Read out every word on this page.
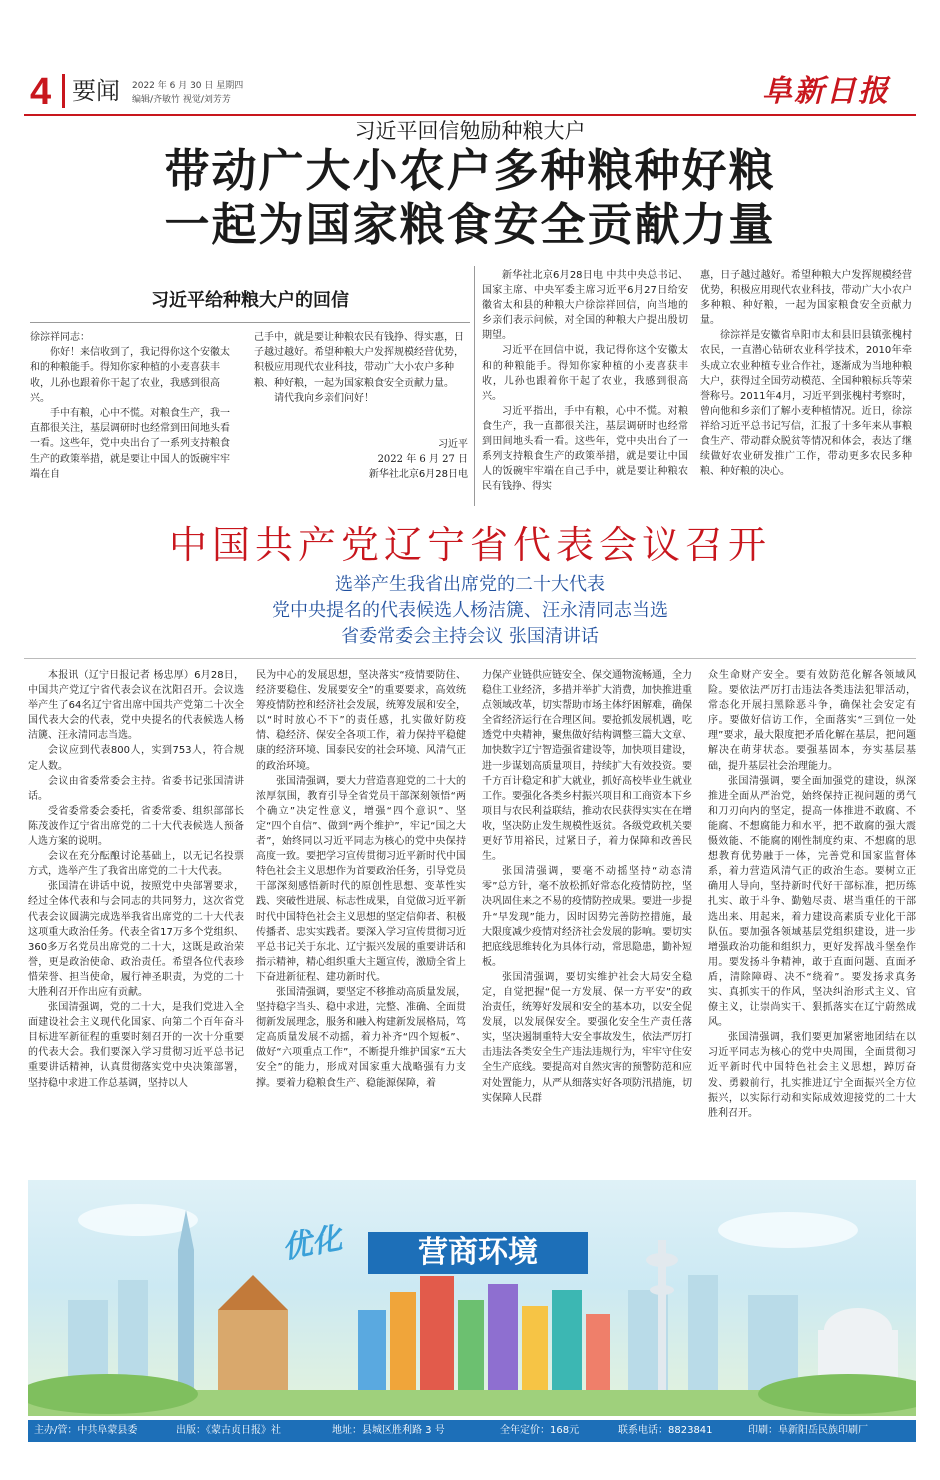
4 要闻 2022 年 6 月 30 日 星期四
编辑/齐敏竹 视觉/刘芳芳	阜新日报
习近平回信勉励种粮大户
带动广大小农户多种粮种好粮
一起为国家粮食安全贡献力量
习近平给种粮大户的回信

徐淙祥同志：

你好！来信收到了，我记得你这个安徽太和的种粮能手。得知你家种植的小麦喜获丰收，儿孙也跟着你干起了农业，我感到很高兴。

手中有粮，心中不慌。对粮食生产，我一直都很关注，基层调研时也经常到田间地头看一看。这些年，党中央出台了一系列支持粮食生产的政策举措，就是要让中国人的饭碗牢牢端在自

己手中，就是要让种粮农民有钱挣、得实惠，日子越过越好。希望种粮大户发挥规模经营优势，积极应用现代农业科技，带动广大小农户多种粮、种好粮，一起为国家粮食安全贡献力量。

请代我向乡亲们问好！

习近平
2022 年 6 月 27 日
新华社北京6月28日电

新华社北京6月28日电 中共中央总书记、国家主席、中央军委主席习近平6月27日给安徽省太和县的种粮大户徐淙祥回信，向当地的乡亲们表示问候，对全国的种粮大户提出殷切期望。

习近平在回信中说，我记得你这个安徽太和的种粮能手。得知你家种植的小麦喜获丰收，儿孙也跟着你干起了农业，我感到很高兴。

习近平指出，手中有粮，心中不慌。对粮食生产，我一直都很关注，基层调研时也经常到田间地头看一看。这些年，党中央出台了一系列支持粮食生产的政策举措，就是要让中国人的饭碗牢牢端在自己手中，就是要让种粮农民有钱挣、得实

惠，日子越过越好。希望种粮大户发挥规模经营优势，积极应用现代农业科技，带动广大小农户多种粮、种好粮，一起为国家粮食安全贡献力量。

徐淙祥是安徽省阜阳市太和县旧县镇张槐村农民，一直潜心钻研农业科学技术，2010年牵头成立农业种植专业合作社，逐渐成为当地种粮大户，获得过全国劳动模范、全国种粮标兵等荣誉称号。2011年4月，习近平到张槐村考察时，曾向他和乡亲们了解小麦种植情况。近日，徐淙祥给习近平总书记写信，汇报了十多年来从事粮食生产、带动群众脱贫等情况和体会，表达了继续做好农业研发推广工作，带动更多农民多种粮、种好粮的决心。

中国共产党辽宁省代表会议召开
选举产生我省出席党的二十大代表
党中央提名的代表候选人杨洁篪、汪永清同志当选
省委常委会主持会议 张国清讲话

本报讯（辽宁日报记者 杨忠厚）6月28日，中国共产党辽宁省代表会议在沈阳召开。会议选举产生了64名辽宁省出席中国共产党第二十次全国代表大会的代表，党中央提名的代表候选人杨洁篪、汪永清同志当选。

会议应到代表800人，实到753人，符合规定人数。

会议由省委常委会主持。省委书记张国清讲话。

受省委常委会委托，省委常委、组织部部长陈茂波作辽宁省出席党的二十大代表候选人预备人选方案的说明。

会议在充分酝酿讨论基础上，以无记名投票方式，选举产生了我省出席党的二十大代表。

张国清在讲话中说，按照党中央部署要求，经过全体代表和与会同志的共同努力，这次省党代表会议圆满完成选举我省出席党的二十大代表这项重大政治任务。代表全省17万多个党组织、360多万名党员出席党的二十大，这既是政治荣誉，更是政治使命、政治责任。希望各位代表珍惜荣誉、担当使命，履行神圣职责，为党的二十大胜利召开作出应有贡献。

张国清强调，党的二十大，是我们党进入全面建设社会主义现代化国家、向第二个百年奋斗目标进军新征程的重要时刻召开的一次十分重要的代表大会。我们要深入学习贯彻习近平总书记重要讲话精神，认真贯彻落实党中央决策部署，坚持稳中求进工作总基调，坚持以人

民为中心的发展思想，坚决落实“疫情要防住、经济要稳住、发展要安全”的重要要求，高效统筹疫情防控和经济社会发展，统筹发展和安全，以“时时放心不下”的责任感，扎实做好防疫情、稳经济、保安全各项工作，着力保持平稳健康的经济环境、国泰民安的社会环境、风清气正的政治环境。

张国清强调，要大力营造喜迎党的二十大的浓厚氛围，教育引导全省党员干部深刻领悟“两个确立”决定性意义，增强“四个意识”、坚定“四个自信”、做到“两个维护”，牢记“国之大者”，始终同以习近平同志为核心的党中央保持高度一致。要把学习宣传贯彻习近平新时代中国特色社会主义思想作为首要政治任务，引导党员干部深刻感悟新时代的原创性思想、变革性实践、突破性进展、标志性成果，自觉做习近平新时代中国特色社会主义思想的坚定信仰者、积极传播者、忠实实践者。要深入学习宣传贯彻习近平总书记关于东北、辽宁振兴发展的重要讲话和指示精神，精心组织重大主题宣传，激励全省上下奋进新征程、建功新时代。

张国清强调，要坚定不移推动高质量发展，坚持稳字当头、稳中求进，完整、准确、全面贯彻新发展理念，服务和融入构建新发展格局，笃定高质量发展不动摇，着力补齐“四个短板”、做好“六项重点工作”，不断提升维护国家“五大安全”的能力，形成对国家重大战略强有力支撑。要着力稳粮食生产、稳能源保障，着

力保产业链供应链安全、保交通物流畅通，全力稳住工业经济，多措并举扩大消费，加快推进重点领域改革，切实帮助市场主体纾困解难，确保全省经济运行在合理区间。要抢抓发展机遇，吃透党中央精神，聚焦做好结构调整三篇大文章、加快数字辽宁智造强省建设等，加快项目建设，进一步谋划高质量项目，持续扩大有效投资。要千方百计稳定和扩大就业，抓好高校毕业生就业工作。要强化各类乡村振兴项目和工商资本下乡项目与农民利益联结，推动农民获得实实在在增收，坚决防止发生规模性返贫。各级党政机关要更好节用裕民，过紧日子，着力保障和改善民生。

张国清强调，要毫不动摇坚持“动态清零”总方针，毫不放松抓好常态化疫情防控，坚决巩固住来之不易的疫情防控成果。要进一步提升“早发现”能力，因时因势完善防控措施，最大限度减少疫情对经济社会发展的影响。要切实把底线思维转化为具体行动，常思隐患，勤补短板。

张国清强调，要切实维护社会大局安全稳定，自觉把握“促一方发展、保一方平安”的政治责任，统筹好发展和安全的基本功，以安全促发展，以发展保安全。要强化安全生产责任落实，坚决遏制重特大安全事故发生，依法严厉打击违法各类安全生产违法违规行为，牢牢守住安全生产底线。要提高对自然灾害的预警防范和应对处置能力，从严从细落实好各项防汛措施，切实保障人民群

众生命财产安全。要有效防范化解各领域风险。要依法严厉打击违法各类违法犯罪活动，常态化开展扫黑除恶斗争，确保社会安定有序。要做好信访工作，全面落实“三到位一处理”要求，最大限度把矛盾化解在基层，把问题解决在萌芽状态。要强基固本，夯实基层基础，提升基层社会治理能力。

张国清强调，要全面加强党的建设，纵深推进全面从严治党，始终保持正视问题的勇气和刀刃向内的坚定，提高一体推进不敢腐、不能腐、不想腐能力和水平，把不敢腐的强大震慑效能、不能腐的刚性制度约束、不想腐的思想教育优势融于一体，完善党和国家监督体系，着力营造风清气正的政治生态。要树立正确用人导向，坚持新时代好干部标准，把历练扎实、敢于斗争、勤勉尽责、堪当重任的干部选出来、用起来，着力建设高素质专业化干部队伍。要加强各领域基层党组织建设，进一步增强政治功能和组织力，更好发挥战斗堡垒作用。要发扬斗争精神，敢于直面问题、直面矛盾，清除障碍、决不“绕着”。要发扬求真务实、真抓实干的作风，坚决纠治形式主义、官僚主义，让崇尚实干、狠抓落实在辽宁蔚然成风。

张国清强调，我们要更加紧密地团结在以习近平同志为核心的党中央周围，全面贯彻习近平新时代中国特色社会主义思想，踔厉奋发、勇毅前行，扎实推进辽宁全面振兴全方位振兴，以实际行动和实际成效迎接党的二十大胜利召开。

优化	营商环境
主办/管：中共阜蒙县委	出版：《蒙古贞日报》社	地址：县城区胜利路 3 号	全年定价：168元	联系电话：8823841	印刷：阜新阳岳民族印刷厂
